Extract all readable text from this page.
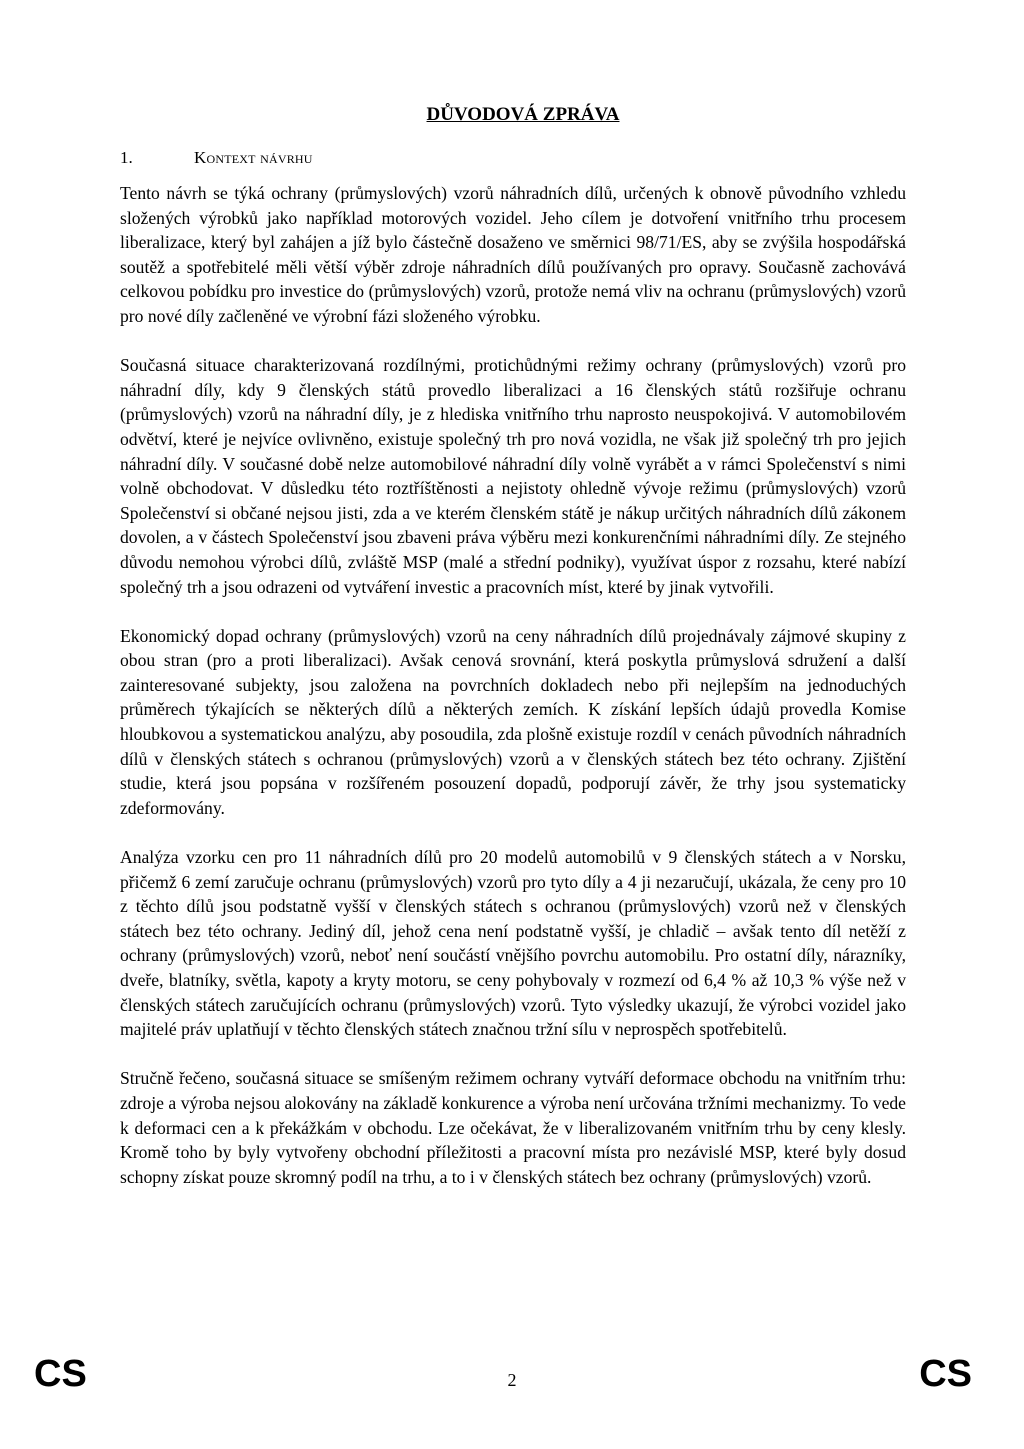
DŮVODOVÁ ZPRÁVA
1.	Kontext návrhu

Tento návrh se týká ochrany (průmyslových) vzorů náhradních dílů, určených k obnově původního vzhledu složených výrobků jako například motorových vozidel. Jeho cílem je dotvoření vnitřního trhu procesem liberalizace, který byl zahájen a jíž bylo částečně dosaženo ve směrnici 98/71/ES, aby se zvýšila hospodářská soutěž a spotřebitelé měli větší výběr zdroje náhradních dílů používaných pro opravy. Současně zachovává celkovou pobídku pro investice do (průmyslových) vzorů, protože nemá vliv na ochranu (průmyslových) vzorů pro nové díly začleněné ve výrobní fázi složeného výrobku.

Současná situace charakterizovaná rozdílnými, protichůdnými režimy ochrany (průmyslových) vzorů pro náhradní díly, kdy 9 členských států provedlo liberalizaci a 16 členských států rozšiřuje ochranu (průmyslových) vzorů na náhradní díly, je z hlediska vnitřního trhu naprosto neuspokojivá. V automobilovém odvětví, které je nejvíce ovlivněno, existuje společný trh pro nová vozidla, ne však již společný trh pro jejich náhradní díly. V současné době nelze automobilové náhradní díly volně vyrábět a v rámci Společenství s nimi volně obchodovat. V důsledku této roztříštěnosti a nejistoty ohledně vývoje režimu (průmyslových) vzorů Společenství si občané nejsou jisti, zda a ve kterém členském státě je nákup určitých náhradních dílů zákonem dovolen, a v částech Společenství jsou zbaveni práva výběru mezi konkurenčními náhradními díly. Ze stejného důvodu nemohou výrobci dílů, zvláště MSP (malé a střední podniky), využívat úspor z rozsahu, které nabízí společný trh a jsou odrazeni od vytváření investic a pracovních míst, které by jinak vytvořili.

Ekonomický dopad ochrany (průmyslových) vzorů na ceny náhradních dílů projednávaly zájmové skupiny z obou stran (pro a proti liberalizaci). Avšak cenová srovnání, která poskytla průmyslová sdružení a další zainteresované subjekty, jsou založena na povrchních dokladech nebo při nejlepším na jednoduchých průměrech týkajících se některých dílů a některých zemích. K získání lepších údajů provedla Komise hloubkovou a systematickou analýzu, aby posoudila, zda plošně existuje rozdíl v cenách původních náhradních dílů v členských státech s ochranou (průmyslových) vzorů a v členských státech bez této ochrany. Zjištění studie, která jsou popsána v rozšířeném posouzení dopadů, podporují závěr, že trhy jsou systematicky zdeformovány.

Analýza vzorku cen pro 11 náhradních dílů pro 20 modelů automobilů v 9 členských státech a v Norsku, přičemž 6 zemí zaručuje ochranu (průmyslových) vzorů pro tyto díly a 4 ji nezaručují, ukázala, že ceny pro 10 z těchto dílů jsou podstatně vyšší v členských státech s ochranou (průmyslových) vzorů než v členských státech bez této ochrany. Jediný díl, jehož cena není podstatně vyšší, je chladič – avšak tento díl netěží z ochrany (průmyslových) vzorů, neboť není součástí vnějšího povrchu automobilu. Pro ostatní díly, nárazníky, dveře, blatníky, světla, kapoty a kryty motoru, se ceny pohybovaly v rozmezí od 6,4 % až 10,3 % výše než v členských státech zaručujících ochranu (průmyslových) vzorů. Tyto výsledky ukazují, že výrobci vozidel jako majitelé práv uplatňují v těchto členských státech značnou tržní sílu v neprospěch spotřebitelů.

Stručně řečeno, současná situace se smíšeným režimem ochrany vytváří deformace obchodu na vnitřním trhu: zdroje a výroba nejsou alokovány na základě konkurence a výroba není určována tržními mechanizmy. To vede k deformaci cen a k překážkám v obchodu. Lze očekávat, že v liberalizovaném vnitřním trhu by ceny klesly. Kromě toho by byly vytvořeny obchodní příležitosti a pracovní místa pro nezávislé MSP, které byly dosud schopny získat pouze skromný podíl na trhu, a to i v členských státech bez ochrany (průmyslových) vzorů.

CS	2	CS
